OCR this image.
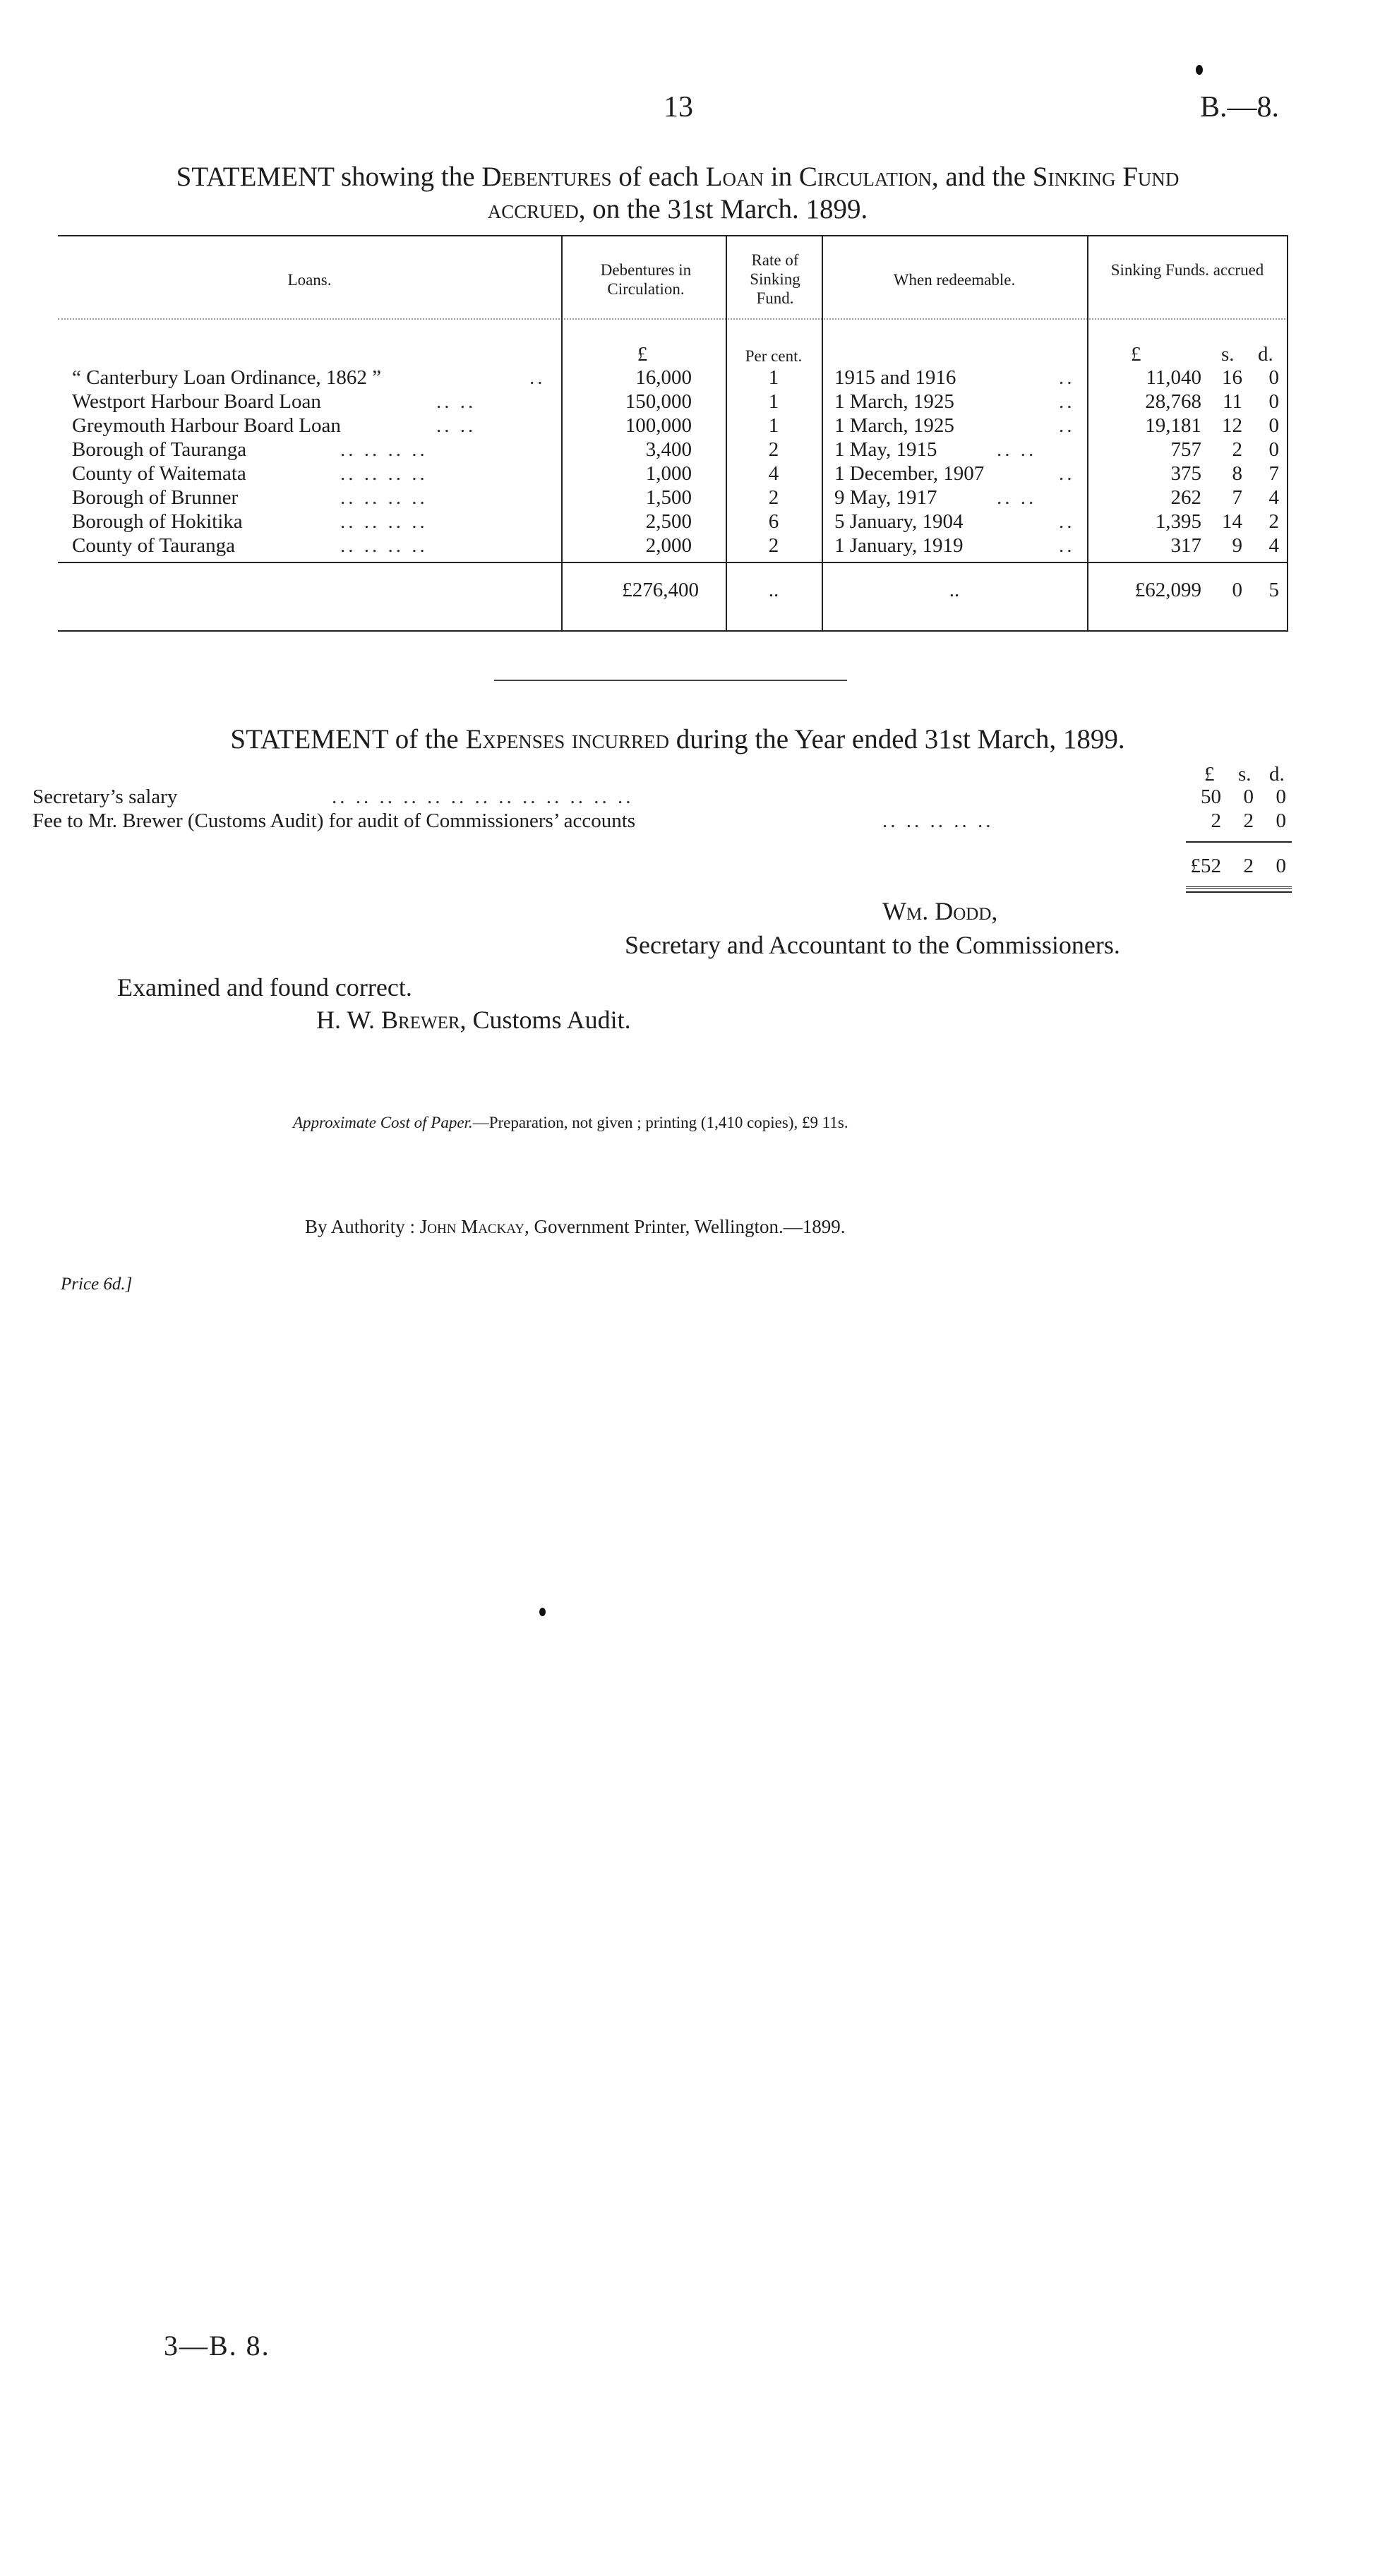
13	B.—8.
STATEMENT showing the Debentures of each Loan in Circulation, and the Sinking Fund
accrued, on the 31st March. 1899.
Loans.
Debentures in Circulation.
Rate of Sinking Fund.
When redeemable.
Sinking Funds. accrued
£	Per cent.	£	s. d.
“ Canterbury Loan Ordinance, 1862 ”	..	16,000	1	1915 and 1916	..	11,040	16	0
Westport Harbour Board Loan	.. ..	150,000	1	1 March, 1925	..	28,768	11	0
Greymouth Harbour Board Loan	.. ..	100,000	1	1 March, 1925	..	19,181	12	0
Borough of Tauranga	.. .. .. ..	3,400	2	1 May, 1915	.. ..	757	2	0
County of Waitemata	.. .. .. ..	1,000	4	1 December, 1907	..	375	8	7
Borough of Brunner	.. .. .. ..	1,500	2	9 May, 1917	.. ..	262	7	4
Borough of Hokitika	.. .. .. ..	2,500	6	5 January, 1904	..	1,395	14	2
County of Tauranga	.. .. .. ..	2,000	2	1 January, 1919	..	317	9	4
£276,400	..	..	£62,099	0	5
STATEMENT of the Expenses incurred during the Year ended 31st March, 1899.
£ s. d.
Secretary’s salary	.. .. .. .. .. .. .. .. .. .. .. .. ..	50	0	0
Fee to Mr. Brewer (Customs Audit) for audit of Commissioners’ accounts	.. .. .. .. ..	2	2	0
£52	2	0
Wm. Dodd,
Secretary and Accountant to the Commissioners.
Examined and found correct.
H. W. Brewer, Customs Audit.
Approximate Cost of Paper.—Preparation, not given ; printing (1,410 copies), £9 11s.
By Authority : John Mackay, Government Printer, Wellington.—1899.
Price 6d.]
3—B. 8.
